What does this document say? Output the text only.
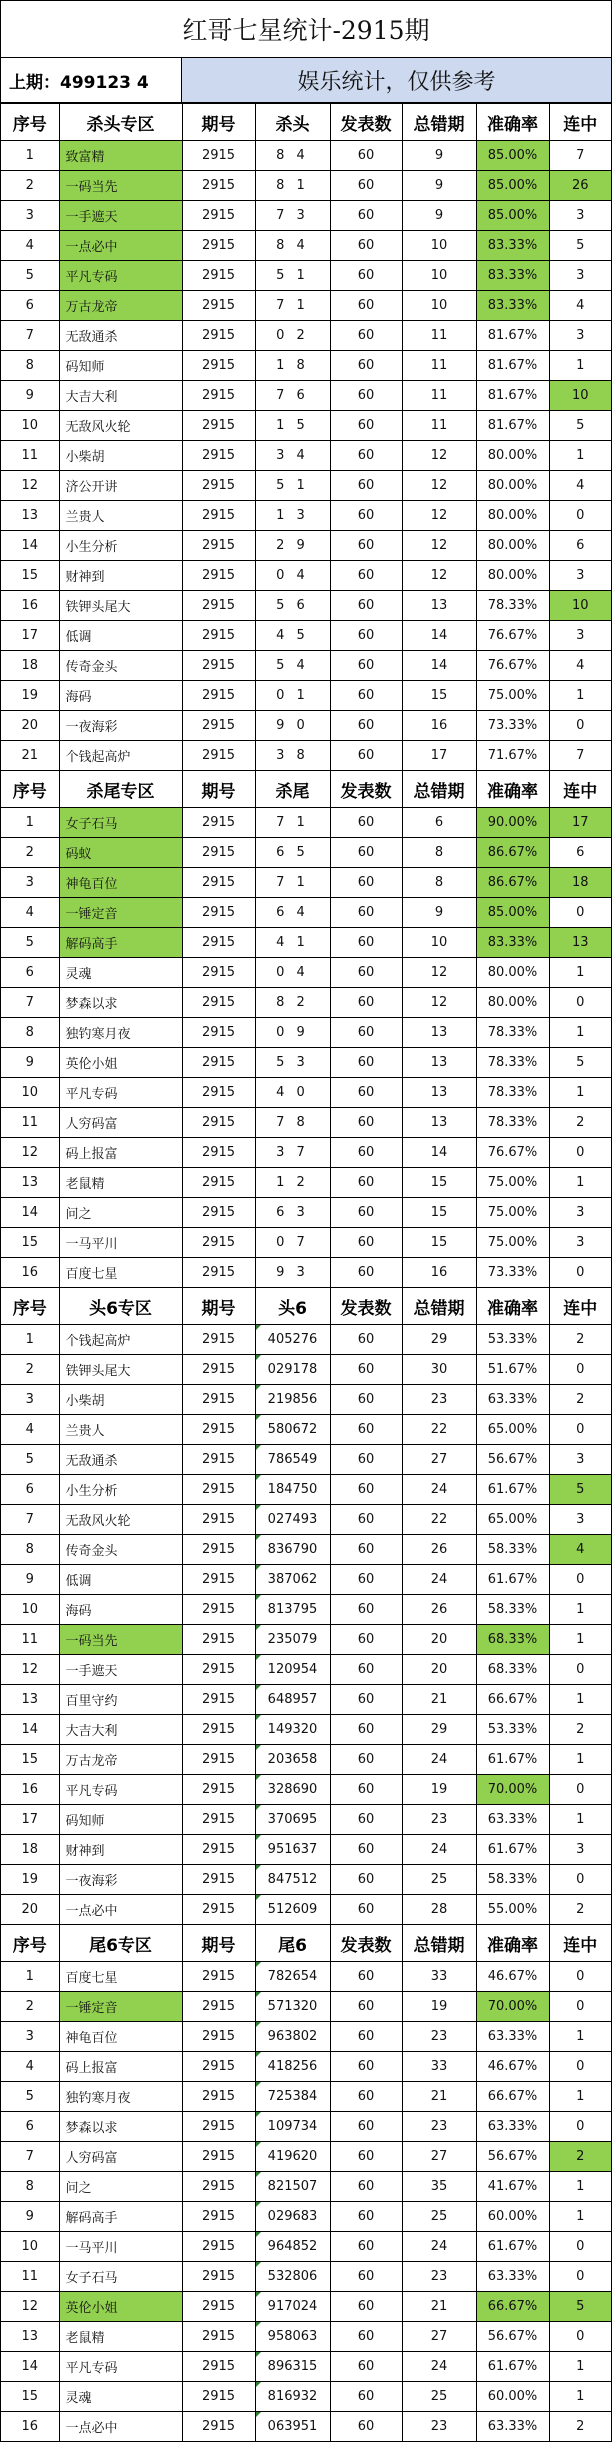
红哥七星统计-2915期
上期：499123 4	娱乐统计，仅供参考
序号	杀头专区	期号	杀头	发表数	总错期	准确率	连中
1	致富精	2915	8 4	60	9	85.00%	7
2	一码当先	2915	8 1	60	9	85.00%	26
3	一手遮天	2915	7 3	60	9	85.00%	3
4	一点必中	2915	8 4	60	10	83.33%	5
5	平凡专码	2915	5 1	60	10	83.33%	3
6	万古龙帝	2915	7 1	60	10	83.33%	4
7	无敌通杀	2915	0 2	60	11	81.67%	3
8	码知师	2915	1 8	60	11	81.67%	1
9	大吉大利	2915	7 6	60	11	81.67%	10
10	无敌风火轮	2915	1 5	60	11	81.67%	5
11	小柴胡	2915	3 4	60	12	80.00%	1
12	济公开讲	2915	5 1	60	12	80.00%	4
13	兰贵人	2915	1 3	60	12	80.00%	0
14	小生分析	2915	2 9	60	12	80.00%	6
15	财神到	2915	0 4	60	12	80.00%	3
16	铁钾头尾大	2915	5 6	60	13	78.33%	10
17	低调	2915	4 5	60	14	76.67%	3
18	传奇金头	2915	5 4	60	14	76.67%	4
19	海码	2915	0 1	60	15	75.00%	1
20	一夜海彩	2915	9 0	60	16	73.33%	0
21	个钱起高炉	2915	3 8	60	17	71.67%	7
序号	杀尾专区	期号	杀尾	发表数	总错期	准确率	连中
1	女子石马	2915	7 1	60	6	90.00%	17
2	码蚁	2915	6 5	60	8	86.67%	6
3	神龟百位	2915	7 1	60	8	86.67%	18
4	一锤定音	2915	6 4	60	9	85.00%	0
5	解码高手	2915	4 1	60	10	83.33%	13
6	灵魂	2915	0 4	60	12	80.00%	1
7	梦森以求	2915	8 2	60	12	80.00%	0
8	独钓寒月夜	2915	0 9	60	13	78.33%	1
9	英伦小姐	2915	5 3	60	13	78.33%	5
10	平凡专码	2915	4 0	60	13	78.33%	1
11	人穷码富	2915	7 8	60	13	78.33%	2
12	码上报富	2915	3 7	60	14	76.67%	0
13	老鼠精	2915	1 2	60	15	75.00%	1
14	问之	2915	6 3	60	15	75.00%	3
15	一马平川	2915	0 7	60	15	75.00%	3
16	百度七星	2915	9 3	60	16	73.33%	0
序号	头6专区	期号	头6	发表数	总错期	准确率	连中
1	个钱起高炉	2915	405276	60	29	53.33%	2
2	铁钾头尾大	2915	029178	60	30	51.67%	0
3	小柴胡	2915	219856	60	23	63.33%	2
4	兰贵人	2915	580672	60	22	65.00%	0
5	无敌通杀	2915	786549	60	27	56.67%	3
6	小生分析	2915	184750	60	24	61.67%	5
7	无敌风火轮	2915	027493	60	22	65.00%	3
8	传奇金头	2915	836790	60	26	58.33%	4
9	低调	2915	387062	60	24	61.67%	0
10	海码	2915	813795	60	26	58.33%	1
11	一码当先	2915	235079	60	20	68.33%	1
12	一手遮天	2915	120954	60	20	68.33%	0
13	百里守约	2915	648957	60	21	66.67%	1
14	大吉大利	2915	149320	60	29	53.33%	2
15	万古龙帝	2915	203658	60	24	61.67%	1
16	平凡专码	2915	328690	60	19	70.00%	0
17	码知师	2915	370695	60	23	63.33%	1
18	财神到	2915	951637	60	24	61.67%	3
19	一夜海彩	2915	847512	60	25	58.33%	0
20	一点必中	2915	512609	60	28	55.00%	2
序号	尾6专区	期号	尾6	发表数	总错期	准确率	连中
1	百度七星	2915	782654	60	33	46.67%	0
2	一锤定音	2915	571320	60	19	70.00%	0
3	神龟百位	2915	963802	60	23	63.33%	1
4	码上报富	2915	418256	60	33	46.67%	0
5	独钓寒月夜	2915	725384	60	21	66.67%	1
6	梦森以求	2915	109734	60	23	63.33%	0
7	人穷码富	2915	419620	60	27	56.67%	2
8	问之	2915	821507	60	35	41.67%	1
9	解码高手	2915	029683	60	25	60.00%	1
10	一马平川	2915	964852	60	24	61.67%	0
11	女子石马	2915	532806	60	23	63.33%	0
12	英伦小姐	2915	917024	60	21	66.67%	5
13	老鼠精	2915	958063	60	27	56.67%	0
14	平凡专码	2915	896315	60	24	61.67%	1
15	灵魂	2915	816932	60	25	60.00%	1
16	一点必中	2915	063951	60	23	63.33%	2
